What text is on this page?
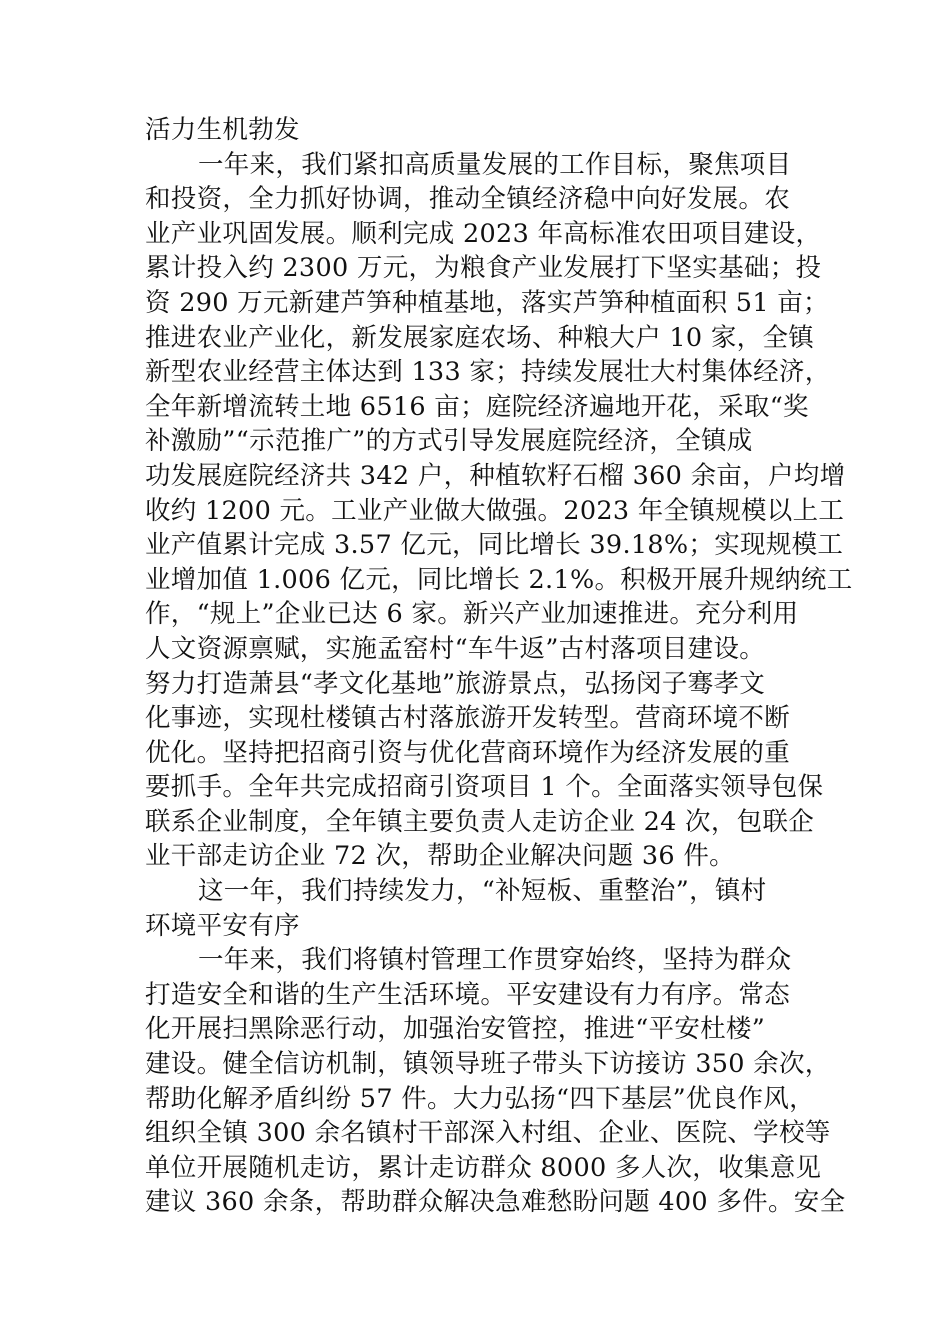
活力生机勃发
一年来，我们紧扣高质量发展的工作目标，聚焦项目
和投资，全力抓好协调，推动全镇经济稳中向好发展。农
业产业巩固发展。顺利完成 2023 年高标准农田项目建设，
累计投入约 2300 万元，为粮食产业发展打下坚实基础；投
资 290 万元新建芦笋种植基地，落实芦笋种植面积 51 亩；
推进农业产业化，新发展家庭农场、种粮大户 10 家，全镇
新型农业经营主体达到 133 家；持续发展壮大村集体经济，
全年新增流转土地 6516 亩；庭院经济遍地开花，采取“奖
补激励”“示范推广”的方式引导发展庭院经济，全镇成
功发展庭院经济共 342 户，种植软籽石榴 360 余亩，户均增
收约 1200 元。工业产业做大做强。2023 年全镇规模以上工
业产值累计完成 3.57 亿元，同比增长 39.18%；实现规模工
业增加值 1.006 亿元，同比增长 2.1%。积极开展升规纳统工
作，“规上”企业已达 6 家。新兴产业加速推进。充分利用
人文资源禀赋，实施孟窑村“车牛返”古村落项目建设。
努力打造萧县“孝文化基地”旅游景点，弘扬闵子骞孝文
化事迹，实现杜楼镇古村落旅游开发转型。营商环境不断
优化。坚持把招商引资与优化营商环境作为经济发展的重
要抓手。全年共完成招商引资项目 1 个。全面落实领导包保
联系企业制度，全年镇主要负责人走访企业 24 次，包联企
业干部走访企业 72 次，帮助企业解决问题 36 件。
这一年，我们持续发力，“补短板、重整治”，镇村
环境平安有序
一年来，我们将镇村管理工作贯穿始终，坚持为群众
打造安全和谐的生产生活环境。平安建设有力有序。常态
化开展扫黑除恶行动，加强治安管控，推进“平安杜楼”
建设。健全信访机制，镇领导班子带头下访接访 350 余次，
帮助化解矛盾纠纷 57 件。大力弘扬“四下基层”优良作风，
组织全镇 300 余名镇村干部深入村组、企业、医院、学校等
单位开展随机走访，累计走访群众 8000 多人次，收集意见
建议 360 余条，帮助群众解决急难愁盼问题 400 多件。安全
